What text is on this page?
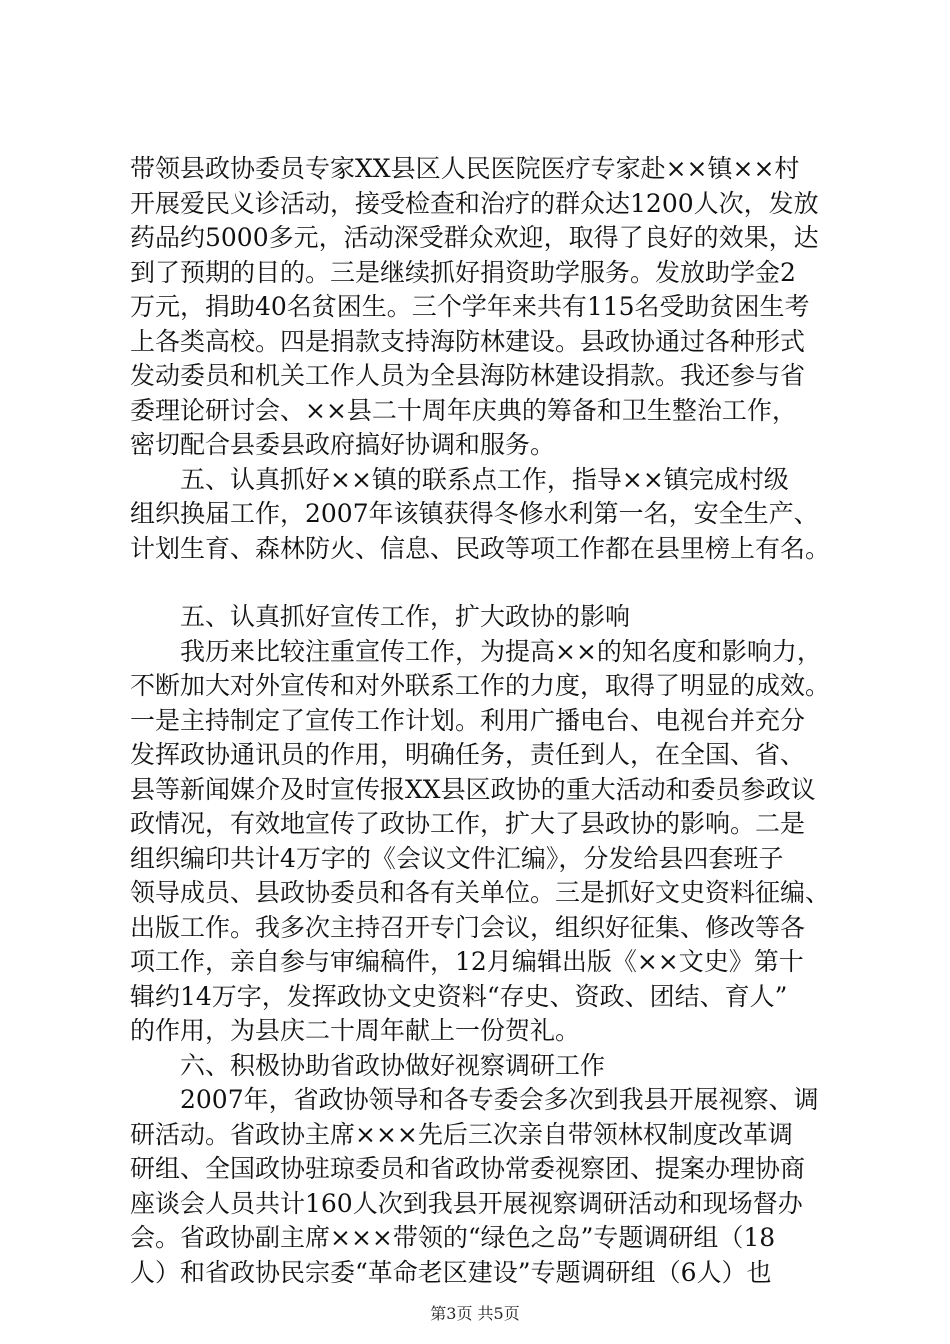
带领县政协委员专家XX县区人民医院医疗专家赴××镇××村
开展爱民义诊活动，接受检查和治疗的群众达1200人次，发放
药品约5000多元，活动深受群众欢迎，取得了良好的效果，达
到了预期的目的。三是继续抓好捐资助学服务。发放助学金2
万元，捐助40名贫困生。三个学年来共有115名受助贫困生考
上各类高校。四是捐款支持海防林建设。县政协通过各种形式
发动委员和机关工作人员为全县海防林建设捐款。我还参与省
委理论研讨会、××县二十周年庆典的筹备和卫生整治工作，
密切配合县委县政府搞好协调和服务。
五、认真抓好××镇的联系点工作，指导××镇完成村级
组织换届工作，2007年该镇获得冬修水利第一名，安全生产、
计划生育、森林防火、信息、民政等项工作都在县里榜上有名。
五、认真抓好宣传工作，扩大政协的影响
我历来比较注重宣传工作，为提高××的知名度和影响力，
不断加大对外宣传和对外联系工作的力度，取得了明显的成效。
一是主持制定了宣传工作计划。利用广播电台、电视台并充分
发挥政协通讯员的作用，明确任务，责任到人，在全国、省、
县等新闻媒介及时宣传报XX县区政协的重大活动和委员参政议
政情况，有效地宣传了政协工作，扩大了县政协的影响。二是
组织编印共计4万字的《会议文件汇编》，分发给县四套班子
领导成员、县政协委员和各有关单位。三是抓好文史资料征编、
出版工作。我多次主持召开专门会议，组织好征集、修改等各
项工作，亲自参与审编稿件，12月编辑出版《××文史》第十
辑约14万字，发挥政协文史资料“存史、资政、团结、育人”
的作用，为县庆二十周年献上一份贺礼。
六、积极协助省政协做好视察调研工作
2007年，省政协领导和各专委会多次到我县开展视察、调
研活动。省政协主席×××先后三次亲自带领林权制度改革调
研组、全国政协驻琼委员和省政协常委视察团、提案办理协商
座谈会人员共计160人次到我县开展视察调研活动和现场督办
会。省政协副主席×××带领的“绿色之岛”专题调研组（18
人）和省政协民宗委“革命老区建设”专题调研组（6人）也
第3页 共5页
